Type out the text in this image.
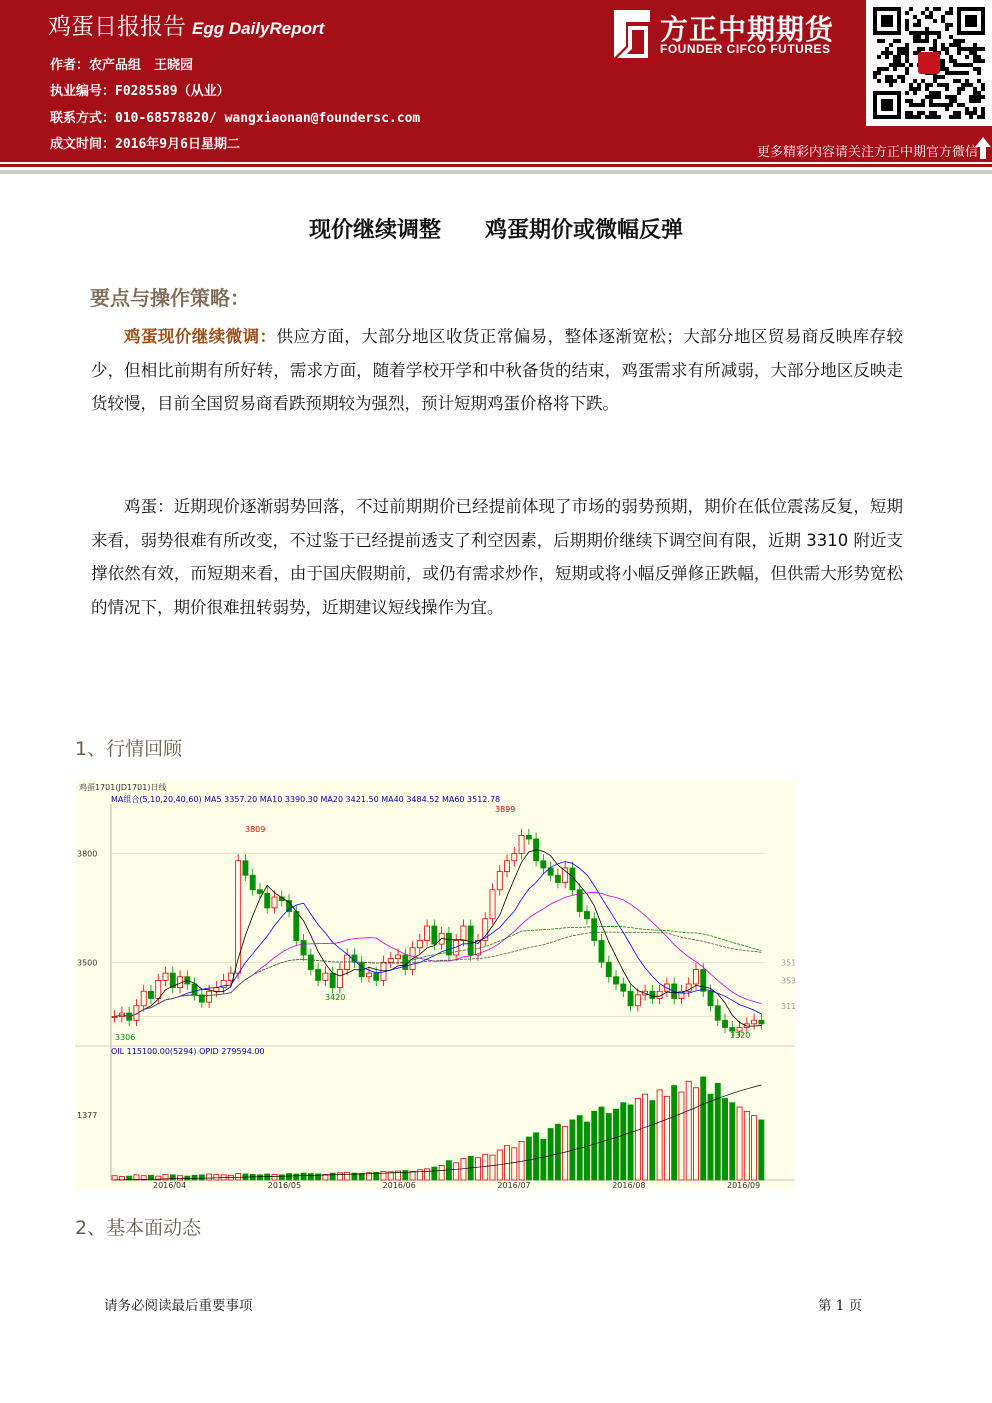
鸡蛋日报报告 Egg DailyReport
作者：农产品组　王晓园
执业编号：F0285589（从业）
联系方式：010-68578820/ wangxiaonan@foundersc.com
成文时间：2016年9月6日星期二
方正中期期货
FOUNDER CIFCO FUTURES
更多精彩内容请关注方正中期官方微信
现价继续调整　　鸡蛋期价或微幅反弹
要点与操作策略：
鸡蛋现价继续微调：供应方面，大部分地区收货正常偏易，整体逐渐宽松；大部分地区贸易商反映库存较少，但相比前期有所好转，需求方面，随着学校开学和中秋备货的结束，鸡蛋需求有所减弱，大部分地区反映走货较慢，目前全国贸易商看跌预期较为强烈，预计短期鸡蛋价格将下跌。
鸡蛋：近期现价逐渐弱势回落，不过前期期价已经提前体现了市场的弱势预期，期价在低位震荡反复，短期来看，弱势很难有所改变，不过鉴于已经提前透支了利空因素，后期期价继续下调空间有限，近期 3310 附近支撑依然有效，而短期来看，由于国庆假期前，或仍有需求炒作，短期或将小幅反弹修正跌幅，但供需大形势宽松的情况下，期价很难扭转弱势，近期建议短线操作为宜。
1、行情回顾
鸡蛋1701(JD1701)日线
MA组合(5,10,20,40,60) MA5 3357.20 MA10 3390.30 MA20 3421.50 MA40 3484.52 MA60 3512.78
OIL 115100.00(5294) OPID 279594.00
3800
3500
1377
2016/04	2016/05	2016/06	2016/07	2016/08	2016/09
3809
3899
3420
3320
3306
351
353
311
2、基本面动态
请务必阅读最后重要事项	第 1 页
